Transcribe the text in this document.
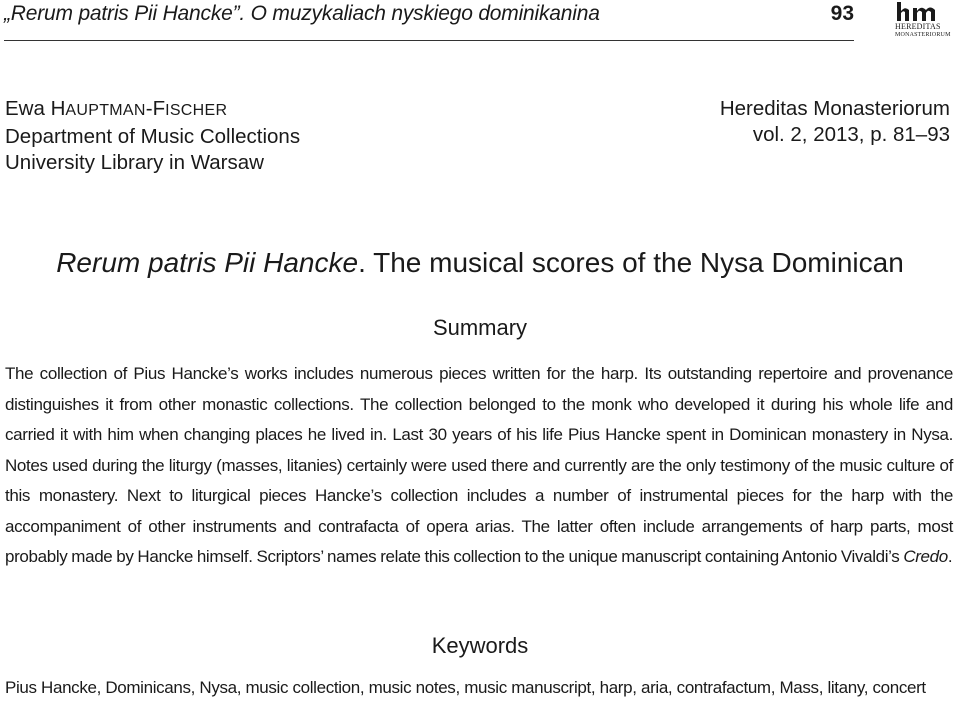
„Rerum patris Pii Hancke”. O muzykaliach nyskiego dominikanina	93
HEREDITAS
MONASTERIORUM
Ewa HAUPTMAN-FISCHER
Department of Music Collections
University Library in Warsaw
Hereditas Monasteriorum
vol. 2, 2013, p. 81–93
Rerum patris Pii Hancke. The musical scores of the Nysa Dominican
Summary
The collection of Pius Hancke’s works includes numerous pieces written for the harp. Its outstanding repertoire and provenance distinguishes it from other monastic collections. The collection belonged to the monk who developed it during his whole life and carried it with him when changing places he lived in. Last 30 years of his life Pius Hancke spent in Dominican monastery in Nysa. Notes used during the liturgy (masses, litanies) certainly were used there and currently are the only testimony of the music culture of this monastery. Next to liturgical pieces Hancke’s collection includes a number of instrumental pieces for the harp with the accompaniment of other instruments and contrafacta of opera arias. The latter often include arrangements of harp parts, most probably made by Hancke himself. Scriptors’ names relate this collection to the unique manuscript containing Antonio Vivaldi’s Credo.
Keywords
Pius Hancke, Dominicans, Nysa, music collection, music notes, music manuscript, harp, aria, contrafactum, Mass, litany, concert
